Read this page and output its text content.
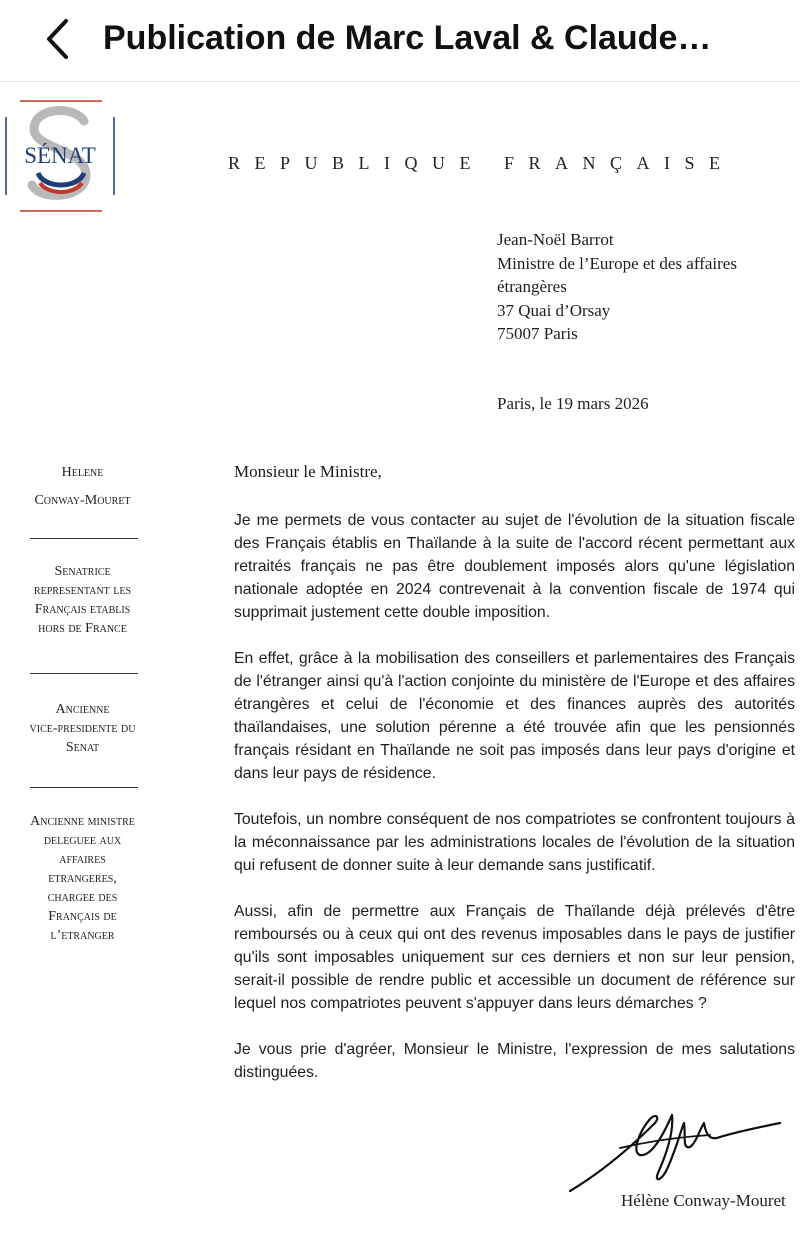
Publication de Marc Laval & Claude…
SÉNAT	REPUBLIQUE FRANÇAISE
Jean-Noël Barrot
Ministre de l’Europe et des affaires
étrangères
37 Quai d’Orsay
75007 Paris
Paris, le 19 mars 2026
Helene
Conway-Mouret
Senatrice
representant les
Français etablis
hors de France
Ancienne
vice-presidente du
Senat
Ancienne ministre
deleguee aux
affaires
etrangeres,
chargee des
Français de
l’etranger
Monsieur le Ministre,

Je me permets de vous contacter au sujet de l'évolution de la situation fiscale des Français établis en Thaïlande à la suite de l'accord récent permettant aux retraités français ne pas être doublement imposés alors qu'une législation nationale adoptée en 2024 contrevenait à la convention fiscale de 1974 qui supprimait justement cette double imposition.

En effet, grâce à la mobilisation des conseillers et parlementaires des Français de l'étranger ainsi qu'à l'action conjointe du ministère de l'Europe et des affaires étrangères et celui de l'économie et des finances auprès des autorités thaïlandaises, une solution pérenne a été trouvée afin que les pensionnés français résidant en Thaïlande ne soit pas imposés dans leur pays d'origine et dans leur pays de résidence.

Toutefois, un nombre conséquent de nos compatriotes se confrontent toujours à la méconnaissance par les administrations locales de l'évolution de la situation qui refusent de donner suite à leur demande sans justificatif.

Aussi, afin de permettre aux Français de Thaïlande déjà prélevés d'être remboursés ou à ceux qui ont des revenus imposables dans le pays de justifier qu'ils sont imposables uniquement sur ces derniers et non sur leur pension, serait-il possible de rendre public et accessible un document de référence sur lequel nos compatriotes peuvent s'appuyer dans leurs démarches ?

Je vous prie d'agréer, Monsieur le Ministre, l'expression de mes salutations distinguées.

Hélène Conway-Mouret
